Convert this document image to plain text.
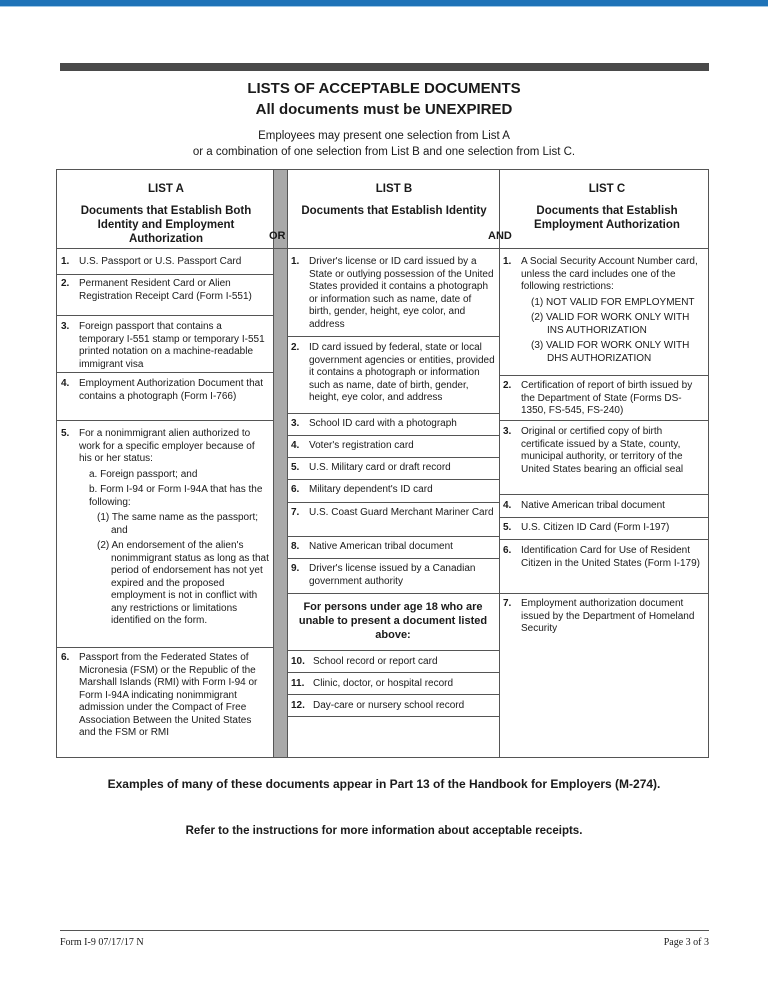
LISTS OF ACCEPTABLE DOCUMENTS
All documents must be UNEXPIRED
Employees may present one selection from List A
or a combination of one selection from List B and one selection from List C.
LIST A
Documents that Establish Both Identity and Employment Authorization	OR
LIST B
Documents that Establish Identity
AND
LIST C
Documents that Establish Employment Authorization
1. U.S. Passport or U.S. Passport Card
2. Permanent Resident Card or Alien Registration Receipt Card (Form I-551)
3. Foreign passport that contains a temporary I-551 stamp or temporary I-551 printed notation on a machine-readable immigrant visa
4. Employment Authorization Document that contains a photograph (Form I-766)
5. For a nonimmigrant alien authorized to work for a specific employer because of his or her status:
a. Foreign passport; and
b. Form I-94 or Form I-94A that has the following:
(1) The same name as the passport; and
(2) An endorsement of the alien's nonimmigrant status as long as that period of endorsement has not yet expired and the proposed employment is not in conflict with any restrictions or limitations identified on the form.
6. Passport from the Federated States of Micronesia (FSM) or the Republic of the Marshall Islands (RMI) with Form I-94 or Form I-94A indicating nonimmigrant admission under the Compact of Free Association Between the United States and the FSM or RMI
1. Driver's license or ID card issued by a State or outlying possession of the United States provided it contains a photograph or information such as name, date of birth, gender, height, eye color, and address
2. ID card issued by federal, state or local government agencies or entities, provided it contains a photograph or information such as name, date of birth, gender, height, eye color, and address
3. School ID card with a photograph
4. Voter's registration card
5. U.S. Military card or draft record
6. Military dependent's ID card
7. U.S. Coast Guard Merchant Mariner Card
8. Native American tribal document
9. Driver's license issued by a Canadian government authority
For persons under age 18 who are unable to present a document listed above:
10. School record or report card
11. Clinic, doctor, or hospital record
12. Day-care or nursery school record
1. A Social Security Account Number card, unless the card includes one of the following restrictions:
(1) NOT VALID FOR EMPLOYMENT
(2) VALID FOR WORK ONLY WITH INS AUTHORIZATION
(3) VALID FOR WORK ONLY WITH DHS AUTHORIZATION
2. Certification of report of birth issued by the Department of State (Forms DS-1350, FS-545, FS-240)
3. Original or certified copy of birth certificate issued by a State, county, municipal authority, or territory of the United States bearing an official seal
4. Native American tribal document
5. U.S. Citizen ID Card (Form I-197)
6. Identification Card for Use of Resident Citizen in the United States (Form I-179)
7. Employment authorization document issued by the Department of Homeland Security
Examples of many of these documents appear in Part 13 of the Handbook for Employers (M-274).
Refer to the instructions for more information about acceptable receipts.
Form I-9 07/17/17 N	Page 3 of 3
